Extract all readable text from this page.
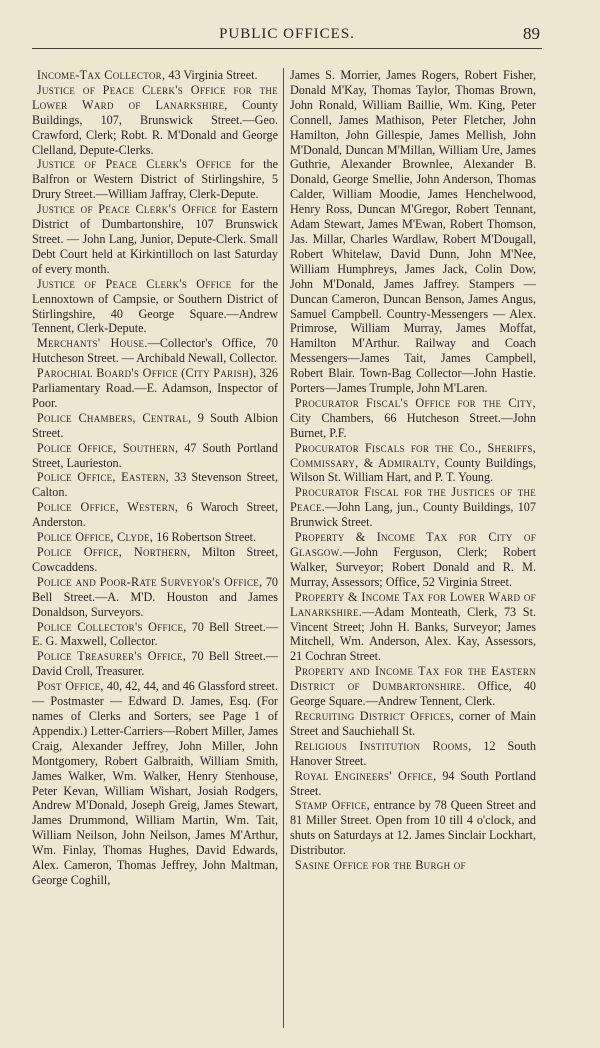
PUBLIC OFFICES.	89

Income-Tax Collector, 43 Virginia Street.

Justice of Peace Clerk's Office for the Lower Ward of Lanarkshire, County Buildings, 107, Brunswick Street.—Geo. Crawford, Clerk; Robt. R. M'Donald and George Clelland, Depute-Clerks.

Justice of Peace Clerk's Office for the Balfron or Western District of Stirlingshire, 5 Drury Street.—William Jaffray, Clerk-Depute.

Justice of Peace Clerk's Office for Eastern District of Dumbartonshire, 107 Brunswick Street. — John Lang, Junior, Depute-Clerk. Small Debt Court held at Kirkintilloch on last Saturday of every month.

Justice of Peace Clerk's Office for the Lennoxtown of Campsie, or Southern District of Stirlingshire, 40 George Square.—Andrew Tennent, Clerk-Depute.

Merchants' House.—Collector's Office, 70 Hutcheson Street. — Archibald Newall, Collector.

Parochial Board's Office (City Parish), 326 Parliamentary Road.—E. Adamson, Inspector of Poor.

Police Chambers, Central, 9 South Albion Street.

Police Office, Southern, 47 South Portland Street, Laurieston.

Police Office, Eastern, 33 Stevenson Street, Calton.

Police Office, Western, 6 Waroch Street, Anderston.

Police Office, Clyde, 16 Robertson Street.

Police Office, Northern, Milton Street, Cowcaddens.

Police and Poor-Rate Surveyor's Office, 70 Bell Street.—A. M'D. Houston and James Donaldson, Surveyors.

Police Collector's Office, 70 Bell Street.—E. G. Maxwell, Collector.

Police Treasurer's Office, 70 Bell Street.—David Croll, Treasurer.

Post Office, 40, 42, 44, and 46 Glassford street.— Postmaster — Edward D. James, Esq. (For names of Clerks and Sorters, see Page 1 of Appendix.) Letter-Carriers—Robert Miller, James Craig, Alexander Jeffrey, John Miller, John Montgomery, Robert Galbraith, William Smith, James Walker, Wm. Walker, Henry Stenhouse, Peter Kevan, William Wishart, Josiah Rodgers, Andrew M'Donald, Joseph Greig, James Stewart, James Drummond, William Martin, Wm. Tait, William Neilson, John Neilson, James M'Arthur, Wm. Finlay, Thomas Hughes, David Edwards, Alex. Cameron, Thomas Jeffrey, John Maltman, George Coghill,

James S. Morrier, James Rogers, Robert Fisher, Donald M'Kay, Thomas Taylor, Thomas Brown, John Ronald, William Baillie, Wm. King, Peter Connell, James Mathison, Peter Fletcher, John Hamilton, John Gillespie, James Mellish, John M'Donald, Duncan M'Millan, William Ure, James Guthrie, Alexander Brownlee, Alexander B. Donald, George Smellie, John Anderson, Thomas Calder, William Moodie, James Henchelwood, Henry Ross, Duncan M'Gregor, Robert Tennant, Adam Stewart, James M'Ewan, Robert Thomson, Jas. Millar, Charles Wardlaw, Robert M'Dougall, Robert Whitelaw, David Dunn, John M'Nee, William Humphreys, James Jack, Colin Dow, John M'Donald, James Jaffrey. Stampers — Duncan Cameron, Duncan Benson, James Angus, Samuel Campbell. Country-Messengers — Alex. Primrose, William Murray, James Moffat, Hamilton M'Arthur. Railway and Coach Messengers—James Tait, James Campbell, Robert Blair. Town-Bag Collector—John Hastie. Porters—James Trumple, John M'Laren.

Procurator Fiscal's Office for the City, City Chambers, 66 Hutcheson Street.—John Burnet, P.F.

Procurator Fiscals for the Co., Sheriffs, Commissary, & Admiralty, County Buildings, Wilson St. William Hart, and P. T. Young.

Procurator Fiscal for the Justices of the Peace.—John Lang, jun., County Buildings, 107 Brunwick Street.

Property & Income Tax for City of Glasgow.—John Ferguson, Clerk; Robert Walker, Surveyor; Robert Donald and R. M. Murray, Assessors; Office, 52 Virginia Street.

Property & Income Tax for Lower Ward of Lanarkshire.—Adam Monteath, Clerk, 73 St. Vincent Street; John H. Banks, Surveyor; James Mitchell, Wm. Anderson, Alex. Kay, Assessors, 21 Cochran Street.

Property and Income Tax for the Eastern District of Dumbartonshire. Office, 40 George Square.—Andrew Tennent, Clerk.

Recruiting District Offices, corner of Main Street and Sauchiehall St.

Religious Institution Rooms, 12 South Hanover Street.

Royal Engineers' Office, 94 South Portland Street.

Stamp Office, entrance by 78 Queen Street and 81 Miller Street. Open from 10 till 4 o'clock, and shuts on Saturdays at 12. James Sinclair Lockhart, Distributor.

Sasine Office for the Burgh of
